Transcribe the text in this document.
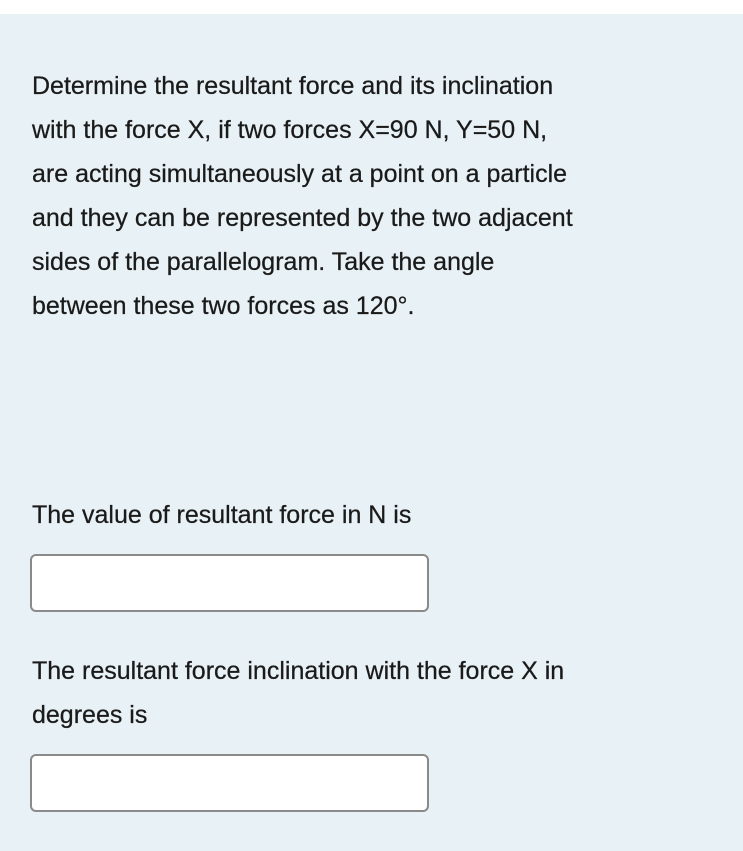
Determine the resultant force and its inclination
with the force X, if two forces X=90 N, Y=50 N,
are acting simultaneously at a point on a particle
and they can be represented by the two adjacent
sides of the parallelogram. Take the angle
between these two forces as 120°.

The value of resultant force in N is

The resultant force inclination with the force X in
degrees is
